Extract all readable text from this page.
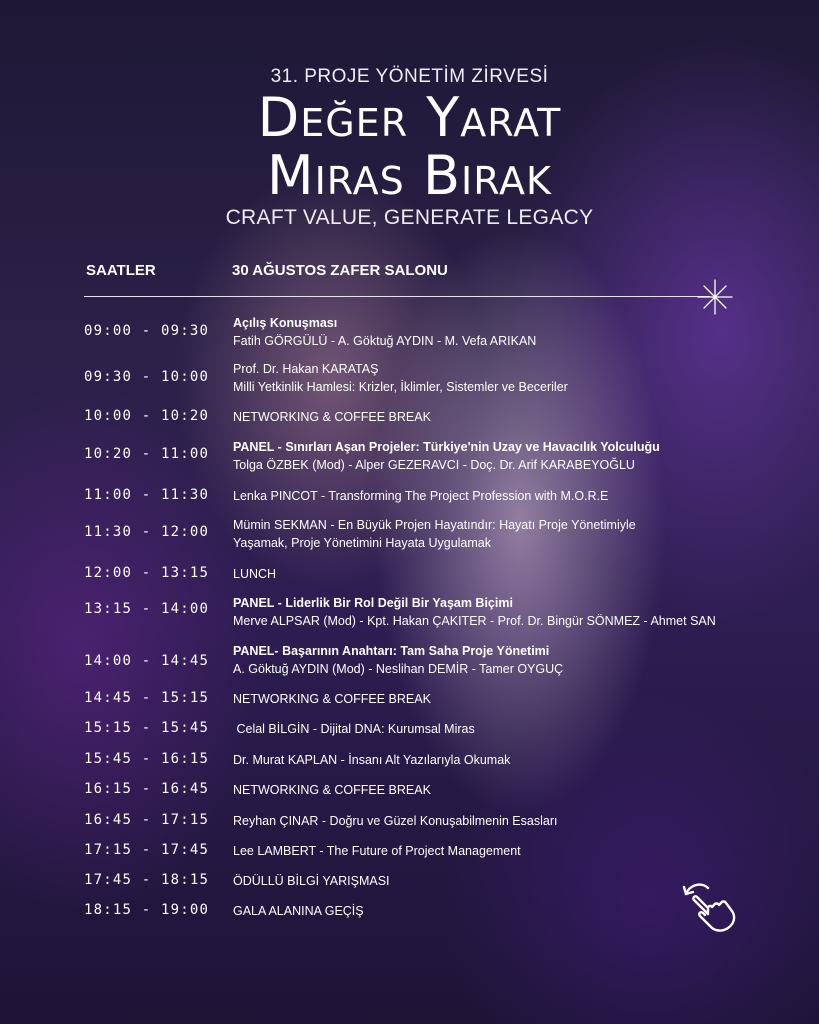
31. PROJE YÖNETİM ZİRVESİ
Değer Yarat
Miras Bırak
CRAFT VALUE, GENERATE LEGACY
SAATLER	30 AĞUSTOS ZAFER SALONU
09:00 - 09:30	Açılış Konuşması
Fatih GÖRGÜLÜ - A. Göktuğ AYDIN - M. Vefa ARIKAN
09:30 - 10:00	Prof. Dr. Hakan KARATAŞ
Milli Yetkinlik Hamlesi: Krizler, İklimler, Sistemler ve Beceriler
10:00 - 10:20	NETWORKING & COFFEE BREAK
10:20 - 11:00	PANEL - Sınırları Aşan Projeler: Türkiye'nin Uzay ve Havacılık Yolculuğu
Tolga ÖZBEK (Mod) - Alper GEZERAVCI - Doç. Dr. Arif KARABEYOĞLU
11:00 - 11:30	Lenka PINCOT - Transforming The Project Profession with M.O.R.E
11:30 - 12:00	Mümin SEKMAN - En Büyük Projen Hayatındır: Hayatı Proje Yönetimiyle
Yaşamak, Proje Yönetimini Hayata Uygulamak
12:00 - 13:15	LUNCH
13:15 - 14:00	PANEL - Liderlik Bir Rol Değil Bir Yaşam Biçimi
Merve ALPSAR (Mod) - Kpt. Hakan ÇAKITER - Prof. Dr. Bingür SÖNMEZ - Ahmet SAN
14:00 - 14:45
PANEL- Başarının Anahtarı: Tam Saha Proje Yönetimi
A. Göktuğ AYDIN (Mod) - Neslihan DEMİR - Tamer OYGUÇ
14:45 - 15:15	NETWORKING & COFFEE BREAK
15:15 - 15:45	Celal BİLGİN - Dijital DNA: Kurumsal Miras
15:45 - 16:15	Dr. Murat KAPLAN - İnsanı Alt Yazılarıyla Okumak
16:15 - 16:45	NETWORKING & COFFEE BREAK
16:45 - 17:15	Reyhan ÇINAR - Doğru ve Güzel Konuşabilmenin Esasları
17:15 - 17:45	Lee LAMBERT - The Future of Project Management
17:45 - 18:15	ÖDÜLLÜ BİLGİ YARIŞMASI
18:15 - 19:00	GALA ALANINA GEÇİŞ
